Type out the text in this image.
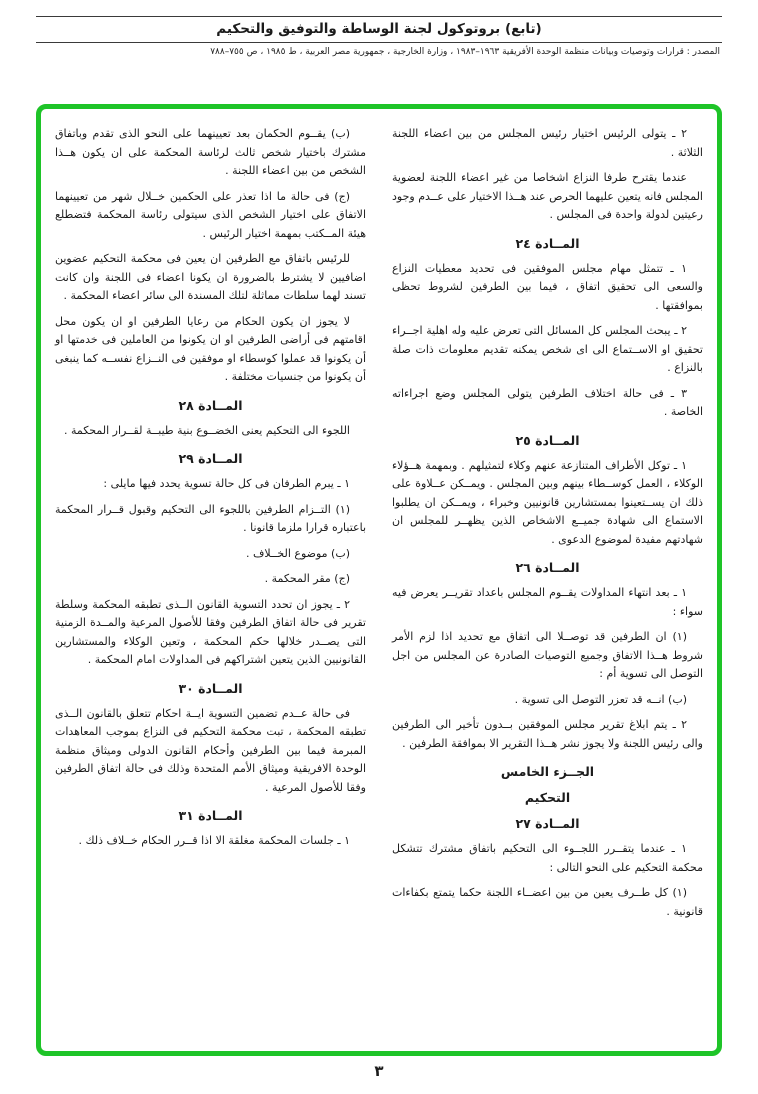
(تابع) بروتوكول لجنة الوساطة والتوفيق والتحكيم
المصدر : قرارات وتوصيات وبيانات منظمة الوحدة الأفريقية ١٩٦٣–١٩٨٣ ، وزارة الخارجية ، جمهورية مصر العربية ، ط ١٩٨٥ ، ص ٧٥٥–٧٨٨
٢ ـ يتولى الرئيس اختيار رئيس المجلس من بين اعضاء اللجنة الثلاثة .
عندما يقترح طرفا النزاع اشخاصا من غير اعضاء اللجنة لعضوية المجلس فانه يتعين عليهما الحرص عند هــذا الاختيار على عــدم وجود رعيتين لدولة واحدة فى المجلس .
المــادة ٢٤
١ ـ تتمثل مهام مجلس الموفقين فى تحديد معطيات النزاع والسعى الى تحقيق اتفاق ، فيما بين الطرفين لشروط تحظى بموافقتها .
٢ ـ يبحث المجلس كل المسائل التى تعرض عليه وله اهلية اجــراء تحقيق او الاســتماع الى اى شخص يمكنه تقديم معلومات ذات صلة بالنزاع .
٣ ـ فى حالة اختلاف الطرفين يتولى المجلس وضع اجراءاته الخاصة .
المــادة ٢٥
١ ـ توكل الأطراف المتنازعة عنهم وكلاء لتمثيلهم . وبمهمة هــؤلاء الوكلاء ، العمل كوســطاء بينهم وبين المجلس . ويمــكن عــلاوة على ذلك ان يســتعينوا بمستشارين قانونيين وخبراء ، ويمــكن ان يطلبوا الاستماع الى شهادة جميــع الاشخاص الذين يظهــر للمجلس ان شهادتهم مفيدة لموضوع الدعوى .
المــادة ٢٦
١ ـ بعد انتهاء المداولات يقــوم المجلس باعداد تقريــر يعرض فيه سواء :
(١) ان الطرفين قد توصــلا الى اتفاق مع تحديد اذا لزم الأمر شروط هــذا الاتفاق وجميع التوصيات الصادرة عن المجلس من اجل التوصل الى تسوية أم :
(ب) انــه قد تعزر التوصل الى تسوية .
٢ ـ يتم ابلاغ تقرير مجلس الموفقين بــدون تأخير الى الطرفين والى رئيس اللجنة ولا يجوز نشر هــذا التقرير الا بموافقة الطرفين .
الجــزء الخامس
التحكيم
المــادة ٢٧
١ ـ عندما يتقــرر اللجــوء الى التحكيم باتفاق مشترك تتشكل محكمة التحكيم على النحو التالى :
(١) كل طــرف يعين من بين اعضــاء اللجنة حكما يتمتع بكفاءات قانونية .
(ب) يقــوم الحكمان بعد تعيينهما على النحو الذى تقدم وباتفاق مشترك باختيار شخص ثالث لرئاسة المحكمة على ان يكون هــذا الشخص من بين اعضاء اللجنة .
(ج) فى حالة ما اذا تعذر على الحكمين خــلال شهر من تعيينهما الاتفاق على اختيار الشخص الذى سيتولى رئاسة المحكمة فتضطلع هيئة المــكتب بمهمة اختيار الرئيس .
للرئيس باتفاق مع الطرفين ان يعين فى محكمة التحكيم عضوين اضافيين لا يشترط بالضرورة ان يكونا اعضاء فى اللجنة وان كانت تسند لهما سلطات مماثلة لتلك المسندة الى سائر اعضاء المحكمة .
لا يجوز ان يكون الحكام من رعايا الطرفين او ان يكون محل اقامتهم فى أراضى الطرفين او ان يكونوا من العاملين فى خدمتها او أن يكونوا قد عملوا كوسطاء او موفقين فى النــزاع نفســه كما ينبغى أن يكونوا من جنسيات مختلفة .
المــادة ٢٨
اللجوء الى التحكيم يعنى الخضــوع بنية طيبــة لقــرار المحكمة .
المــادة ٢٩
١ ـ يبرم الطرفان فى كل حالة تسوية يحدد فيها مايلى :
(١) التــزام الطرفين باللجوء الى التحكيم وقبول قــرار المحكمة باعتباره قرارا ملزما قانونا .
(ب) موضوع الخــلاف .
(ج) مقر المحكمة .
٢ ـ يجوز ان تحدد التسوية القانون الــذى تطبقه المحكمة وسلطة تقرير فى حالة اتفاق الطرفين وفقا للأصول المرعية والمــدة الزمنية التى يصــدر خلالها حكم المحكمة ، وتعين الوكلاء والمستشارين القانونيين الذين يتعين اشتراكهم فى المداولات امام المحكمة .
المــادة ٣٠
فى حالة عــدم تضمين التسوية ايــة احكام تتعلق بالقانون الــذى تطبقه المحكمة ، تبت محكمة التحكيم فى النزاع بموجب المعاهدات المبرمة فيما بين الطرفين وأحكام القانون الدولى وميثاق منظمة الوحدة الافريقية وميثاق الأمم المتحدة وذلك فى حالة اتفاق الطرفين وفقا للأصول المرعية .
المــادة ٣١
١ ـ جلسات المحكمة مغلقة الا اذا قــرر الحكام خــلاف ذلك .
٣
